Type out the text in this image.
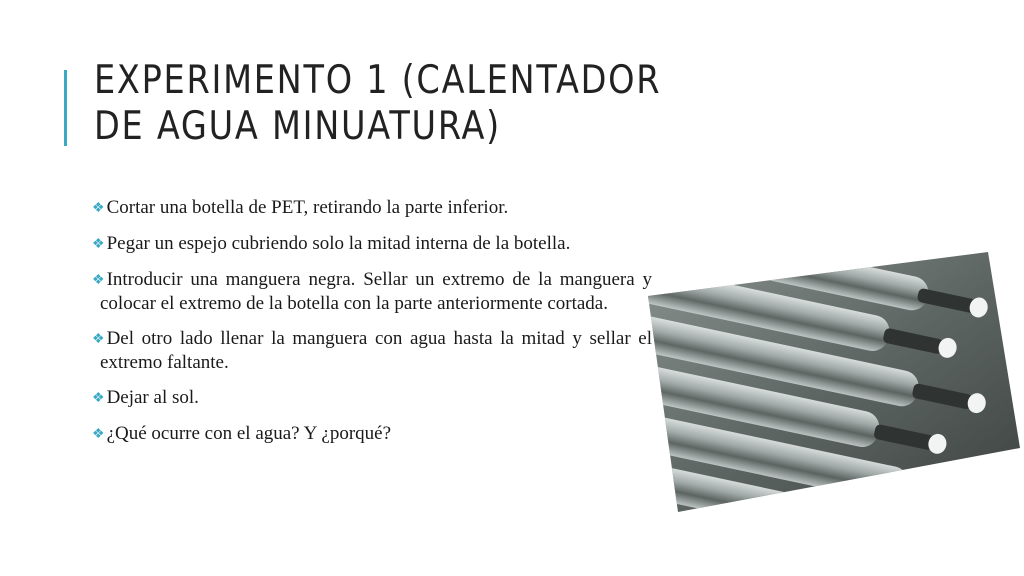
EXPERIMENTO 1 (CALENTADOR DE AGUA MINUATURA)
❖ Cortar una botella de PET, retirando la parte inferior.
❖ Pegar un espejo cubriendo solo la mitad interna de la botella.
❖ Introducir una manguera negra. Sellar un extremo de la manguera y colocar el extremo de la botella con la parte anteriormente cortada.
❖ Del otro lado llenar la manguera con agua hasta la mitad y sellar el extremo faltante.
❖ Dejar al sol.
❖ ¿Qué ocurre con el agua? Y ¿porqué?
